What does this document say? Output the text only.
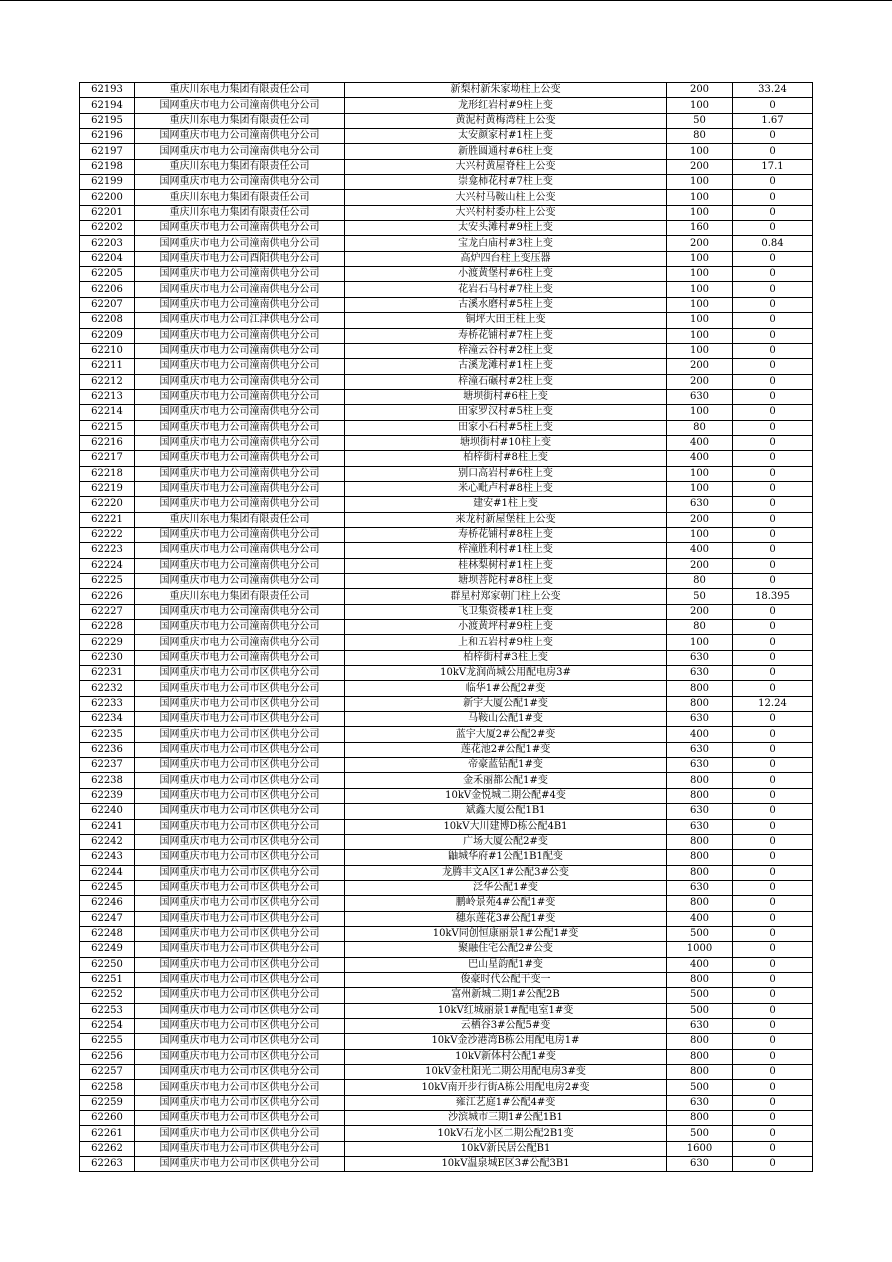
62193	重庆川东电力集团有限责任公司	新梨村新朱家坳柱上公变	200	33.24
62194	国网重庆市电力公司潼南供电分公司	龙形红岩村#9柱上变	100	0
62195	重庆川东电力集团有限责任公司	黄泥村黄梅湾柱上公变	50	1.67
62196	国网重庆市电力公司潼南供电分公司	太安颜家村#1柱上变	80	0
62197	国网重庆市电力公司潼南供电分公司	新胜圆通村#6柱上变	100	0
62198	重庆川东电力集团有限责任公司	大兴村黄屋脊柱上公变	200	17.1
62199	国网重庆市电力公司潼南供电分公司	崇龛柿花村#7柱上变	100	0
62200	重庆川东电力集团有限责任公司	大兴村马鞍山柱上公变	100	0
62201	重庆川东电力集团有限责任公司	大兴村村委办柱上公变	100	0
62202	国网重庆市电力公司潼南供电分公司	太安头滩村#9柱上变	160	0
62203	国网重庆市电力公司潼南供电分公司	宝龙白庙村#3柱上变	200	0.84
62204	国网重庆市电力公司酉阳供电分公司	高炉四台柱上变压器	100	0
62205	国网重庆市电力公司潼南供电分公司	小渡黄堡村#6柱上变	100	0
62206	国网重庆市电力公司潼南供电分公司	花岩石马村#7柱上变	100	0
62207	国网重庆市电力公司潼南供电分公司	古溪水磨村#5柱上变	100	0
62208	国网重庆市电力公司江津供电分公司	铜坪大田王柱上变	100	0
62209	国网重庆市电力公司潼南供电分公司	寿桥花铺村#7柱上变	100	0
62210	国网重庆市电力公司潼南供电分公司	梓潼云谷村#2柱上变	100	0
62211	国网重庆市电力公司潼南供电分公司	古溪龙滩村#1柱上变	200	0
62212	国网重庆市电力公司潼南供电分公司	梓潼石碾村#2柱上变	200	0
62213	国网重庆市电力公司潼南供电分公司	塘坝街村#6柱上变	630	0
62214	国网重庆市电力公司潼南供电分公司	田家罗汉村#5柱上变	100	0
62215	国网重庆市电力公司潼南供电分公司	田家小石村#5柱上变	80	0
62216	国网重庆市电力公司潼南供电分公司	塘坝街村#10柱上变	400	0
62217	国网重庆市电力公司潼南供电分公司	柏梓街村#8柱上变	400	0
62218	国网重庆市电力公司潼南供电分公司	别口高岩村#6柱上变	100	0
62219	国网重庆市电力公司潼南供电分公司	米心毗卢村#8柱上变	100	0
62220	国网重庆市电力公司潼南供电分公司	建安#1柱上变	630	0
62221	重庆川东电力集团有限责任公司	来龙村新屋堡柱上公变	200	0
62222	国网重庆市电力公司潼南供电分公司	寿桥花铺村#8柱上变	100	0
62223	国网重庆市电力公司潼南供电分公司	梓潼胜利村#1柱上变	400	0
62224	国网重庆市电力公司潼南供电分公司	桂林梨树村#1柱上变	200	0
62225	国网重庆市电力公司潼南供电分公司	塘坝菩陀村#8柱上变	80	0
62226	重庆川东电力集团有限责任公司	群星村郑家朝门柱上公变	50	18.395
62227	国网重庆市电力公司潼南供电分公司	飞卫集资楼#1柱上变	200	0
62228	国网重庆市电力公司潼南供电分公司	小渡黄坪村#9柱上变	80	0
62229	国网重庆市电力公司潼南供电分公司	上和五岩村#9柱上变	100	0
62230	国网重庆市电力公司潼南供电分公司	柏梓街村#3柱上变	630	0
62231	国网重庆市电力公司市区供电分公司	10kV龙润尚城公用配电房3#	630	0
62232	国网重庆市电力公司市区供电分公司	临华1#公配2#变	800	0
62233	国网重庆市电力公司市区供电分公司	新宇大厦公配1#变	800	12.24
62234	国网重庆市电力公司市区供电分公司	马鞍山公配1#变	630	0
62235	国网重庆市电力公司市区供电分公司	蓝宇大厦2#公配2#变	400	0
62236	国网重庆市电力公司市区供电分公司	莲花池2#公配1#变	630	0
62237	国网重庆市电力公司市区供电分公司	帝豪蓝钻配1#变	630	0
62238	国网重庆市电力公司市区供电分公司	金禾丽都公配1#变	800	0
62239	国网重庆市电力公司市区供电分公司	10kV金悦城二期公配#4变	800	0
62240	国网重庆市电力公司市区供电分公司	斌鑫大厦公配1B1	630	0
62241	国网重庆市电力公司市区供电分公司	10kV大川建博D栋公配4B1	630	0
62242	国网重庆市电力公司市区供电分公司	广场大厦公配2#变	800	0
62243	国网重庆市电力公司市区供电分公司	鼬城华府#1公配1B1配变	800	0
62244	国网重庆市电力公司市区供电分公司	龙腾丰文A区1#公配3#公变	800	0
62245	国网重庆市电力公司市区供电分公司	泛华公配1#变	630	0
62246	国网重庆市电力公司市区供电分公司	鹏岭景苑4#公配1#变	800	0
62247	国网重庆市电力公司市区供电分公司	穗东莲花3#公配1#变	400	0
62248	国网重庆市电力公司市区供电分公司	10kV同创恒康丽景1#公配1#变	500	0
62249	国网重庆市电力公司市区供电分公司	聚融住宅公配2#公变	1000	0
62250	国网重庆市电力公司市区供电分公司	巴山星韵配1#变	400	0
62251	国网重庆市电力公司市区供电分公司	俊豪时代公配干变一	800	0
62252	国网重庆市电力公司市区供电分公司	富州新城二期1#公配2B	500	0
62253	国网重庆市电力公司市区供电分公司	10kV红城丽景1#配电室1#变	500	0
62254	国网重庆市电力公司市区供电分公司	云栖谷3#公配5#变	630	0
62255	国网重庆市电力公司市区供电分公司	10kV金沙港湾B栋公用配电房1#	800	0
62256	国网重庆市电力公司市区供电分公司	10kV新体村公配1#变	800	0
62257	国网重庆市电力公司市区供电分公司	10kV金杜阳光二期公用配电房3#变	800	0
62258	国网重庆市电力公司市区供电分公司	10kV南开步行街A栋公用配电房2#变	500	0
62259	国网重庆市电力公司市区供电分公司	雍江艺庭1#公配4#变	630	0
62260	国网重庆市电力公司市区供电分公司	沙滨城市三期1#公配1B1	800	0
62261	国网重庆市电力公司市区供电分公司	10kV石龙小区二期公配2B1变	500	0
62262	国网重庆市电力公司市区供电分公司	10kV新民居公配B1	1600	0
62263	国网重庆市电力公司市区供电分公司	10kV温泉城E区3#公配3B1	630	0
